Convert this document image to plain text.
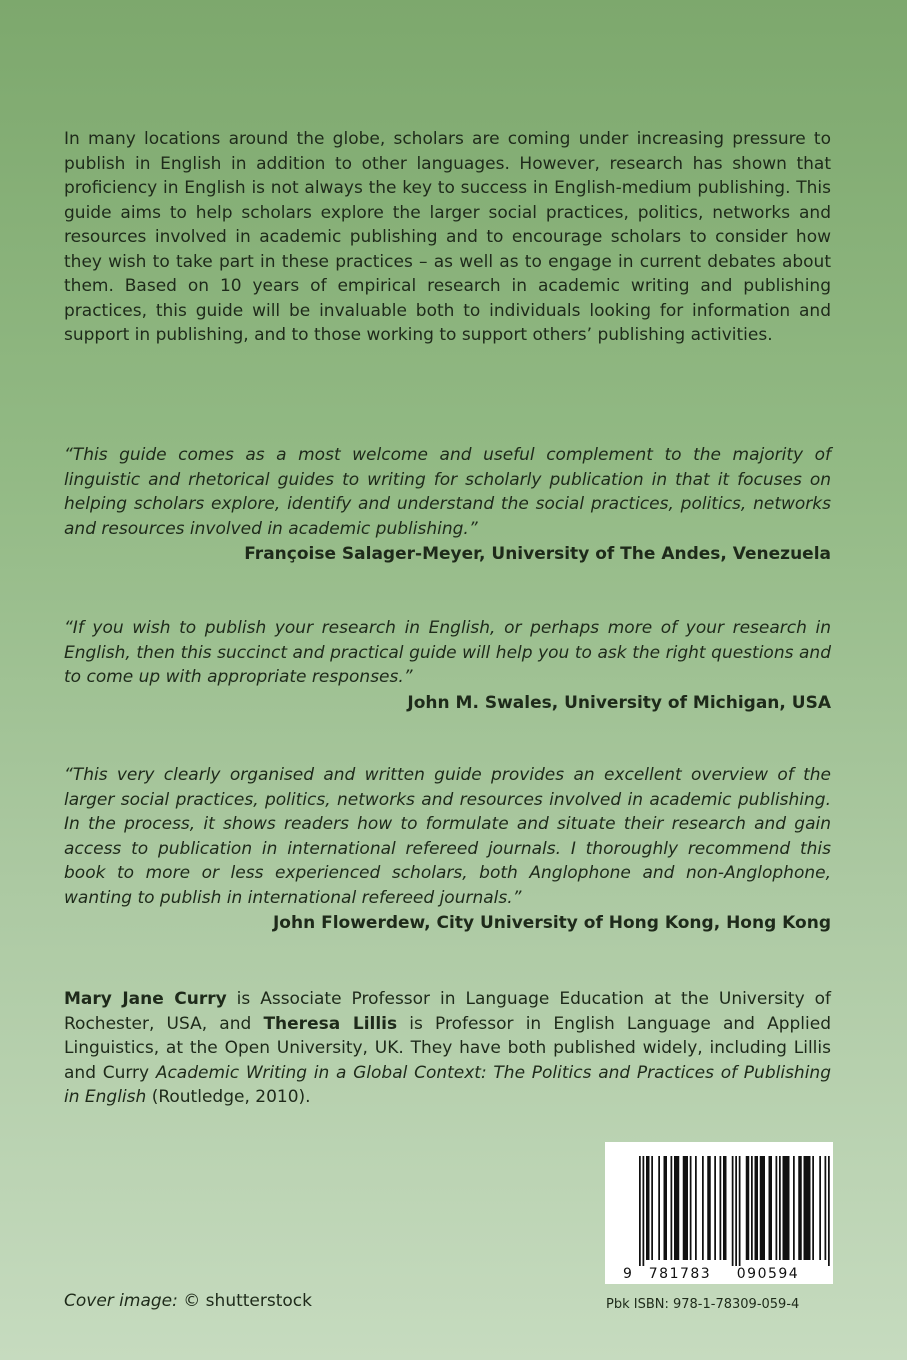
In many locations around the globe, scholars are coming under increasing pressure to publish in English in addition to other languages. However, research has shown that proficiency in English is not always the key to success in English-medium publishing. This guide aims to help scholars explore the larger social practices, politics, networks and resources involved in academic publishing and to encourage scholars to consider how they wish to take part in these practices – as well as to engage in current debates about them. Based on 10 years of empirical research in academic writing and publishing practices, this guide will be invaluable both to individuals looking for information and support in publishing, and to those working to support others’ publishing activities.
“This guide comes as a most welcome and useful complement to the majority of linguistic and rhetorical guides to writing for scholarly publication in that it focuses on helping scholars explore, identify and understand the social practices, politics, networks and resources involved in academic publishing.”
Françoise Salager-Meyer, University of The Andes, Venezuela
“If you wish to publish your research in English, or perhaps more of your research in English, then this succinct and practical guide will help you to ask the right questions and to come up with appropriate responses.”
John M. Swales, University of Michigan, USA
“This very clearly organised and written guide provides an excellent overview of the larger social practices, politics, networks and resources involved in academic publishing. In the process, it shows readers how to formulate and situate their research and gain access to publication in international refereed journals. I thoroughly recommend this book to more or less experienced scholars, both Anglophone and non-Anglophone, wanting to publish in international refereed journals.”
John Flowerdew, City University of Hong Kong, Hong Kong
Mary Jane Curry is Associate Professor in Language Education at the University of Rochester, USA, and Theresa Lillis is Professor in English Language and Applied Linguistics, at the Open University, UK. They have both published widely, including Lillis and Curry Academic Writing in a Global Context: The Politics and Practices of Publishing in English (Routledge, 2010).
9 781783 090594
Cover image: © shutterstock	Pbk ISBN: 978-1-78309-059-4
